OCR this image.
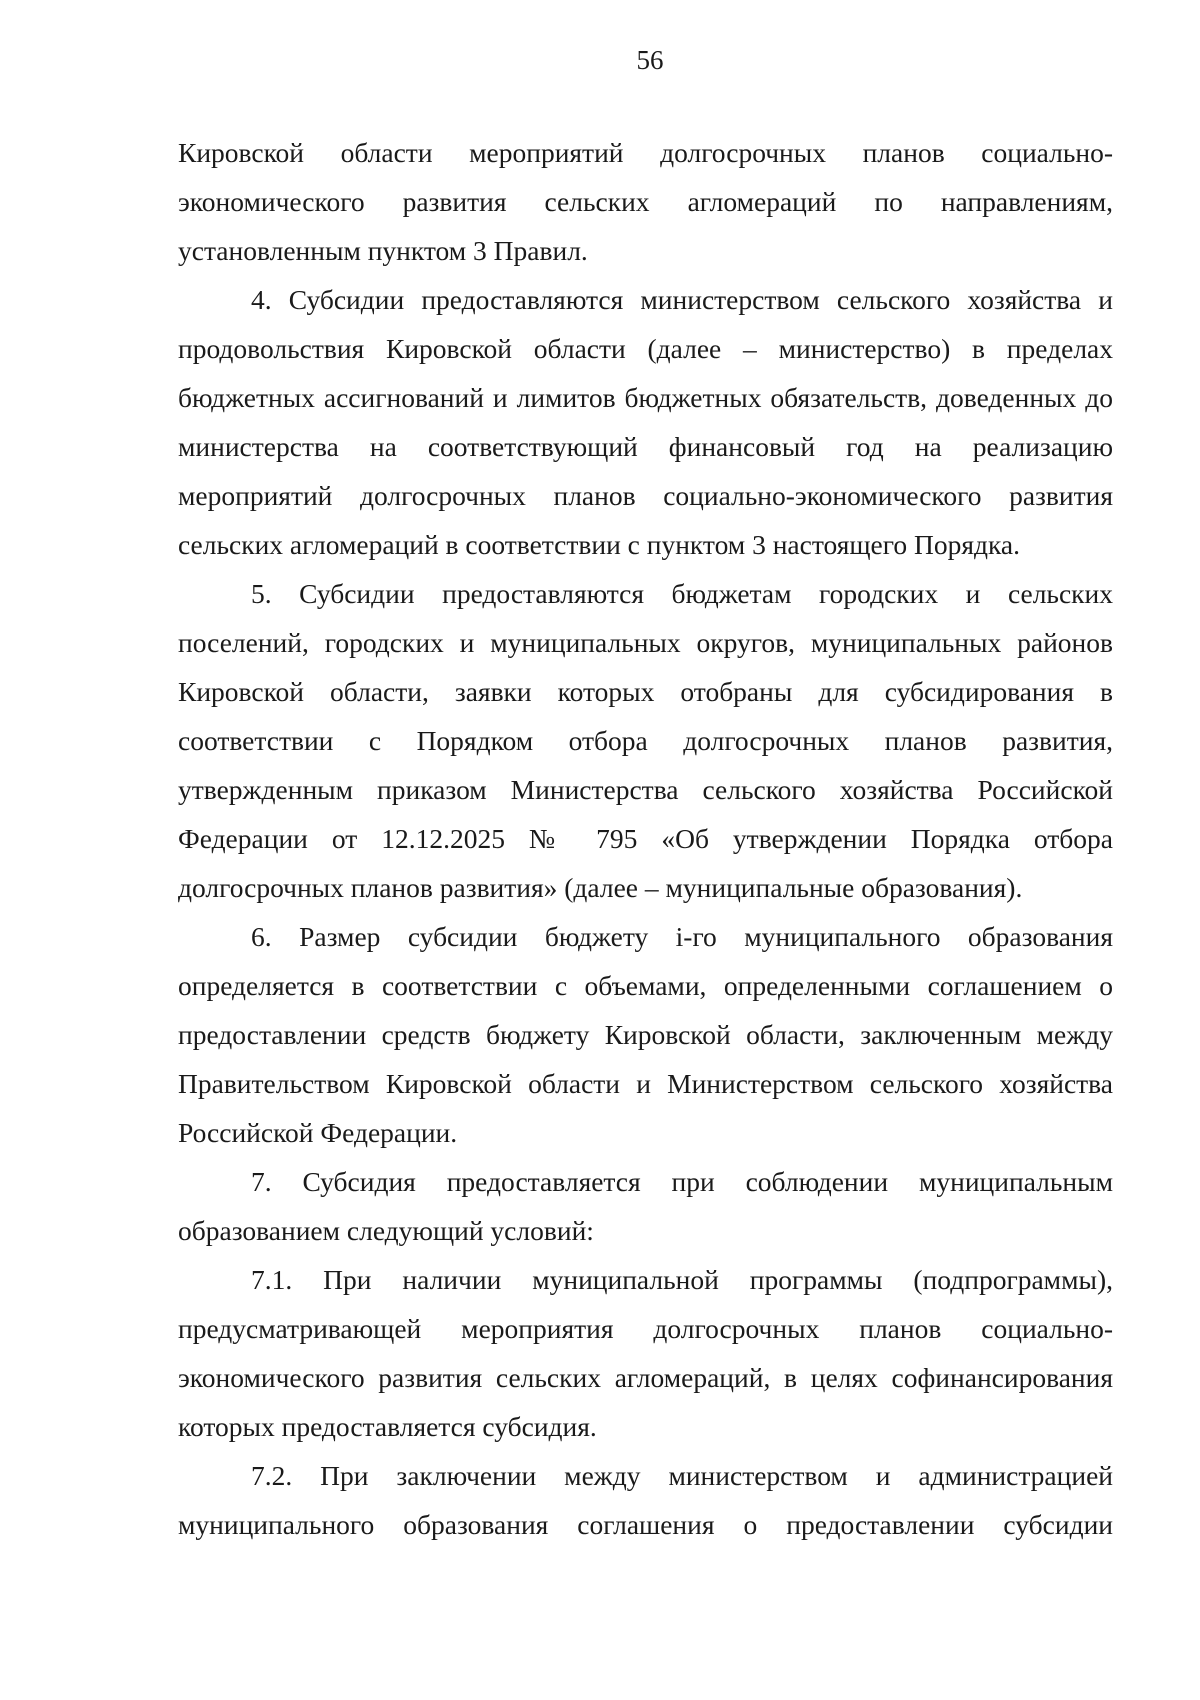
56

Кировской области мероприятий долгосрочных планов социально-экономического развития сельских агломераций по направлениям, установленным пунктом 3 Правил.

4. Субсидии предоставляются министерством сельского хозяйства и продовольствия Кировской области (далее – министерство) в пределах бюджетных ассигнований и лимитов бюджетных обязательств, доведенных до министерства на соответствующий финансовый год на реализацию мероприятий долгосрочных планов социально-экономического развития сельских агломераций в соответствии с пунктом 3 настоящего Порядка.

5. Субсидии предоставляются бюджетам городских и сельских поселений, городских и муниципальных округов, муниципальных районов Кировской области, заявки которых отобраны для субсидирования в соответствии с Порядком отбора долгосрочных планов развития, утвержденным приказом Министерства сельского хозяйства Российской Федерации от 12.12.2025 № 795 «Об утверждении Порядка отбора долгосрочных планов развития» (далее – муниципальные образования).

6. Размер субсидии бюджету i-го муниципального образования определяется в соответствии с объемами, определенными соглашением о предоставлении средств бюджету Кировской области, заключенным между Правительством Кировской области и Министерством сельского хозяйства Российской Федерации.

7. Субсидия предоставляется при соблюдении муниципальным образованием следующий условий:

7.1. При наличии муниципальной программы (подпрограммы), предусматривающей мероприятия долгосрочных планов социально-экономического развития сельских агломераций, в целях софинансирования которых предоставляется субсидия.

7.2. При заключении между министерством и администрацией муниципального образования соглашения о предоставлении субсидии
